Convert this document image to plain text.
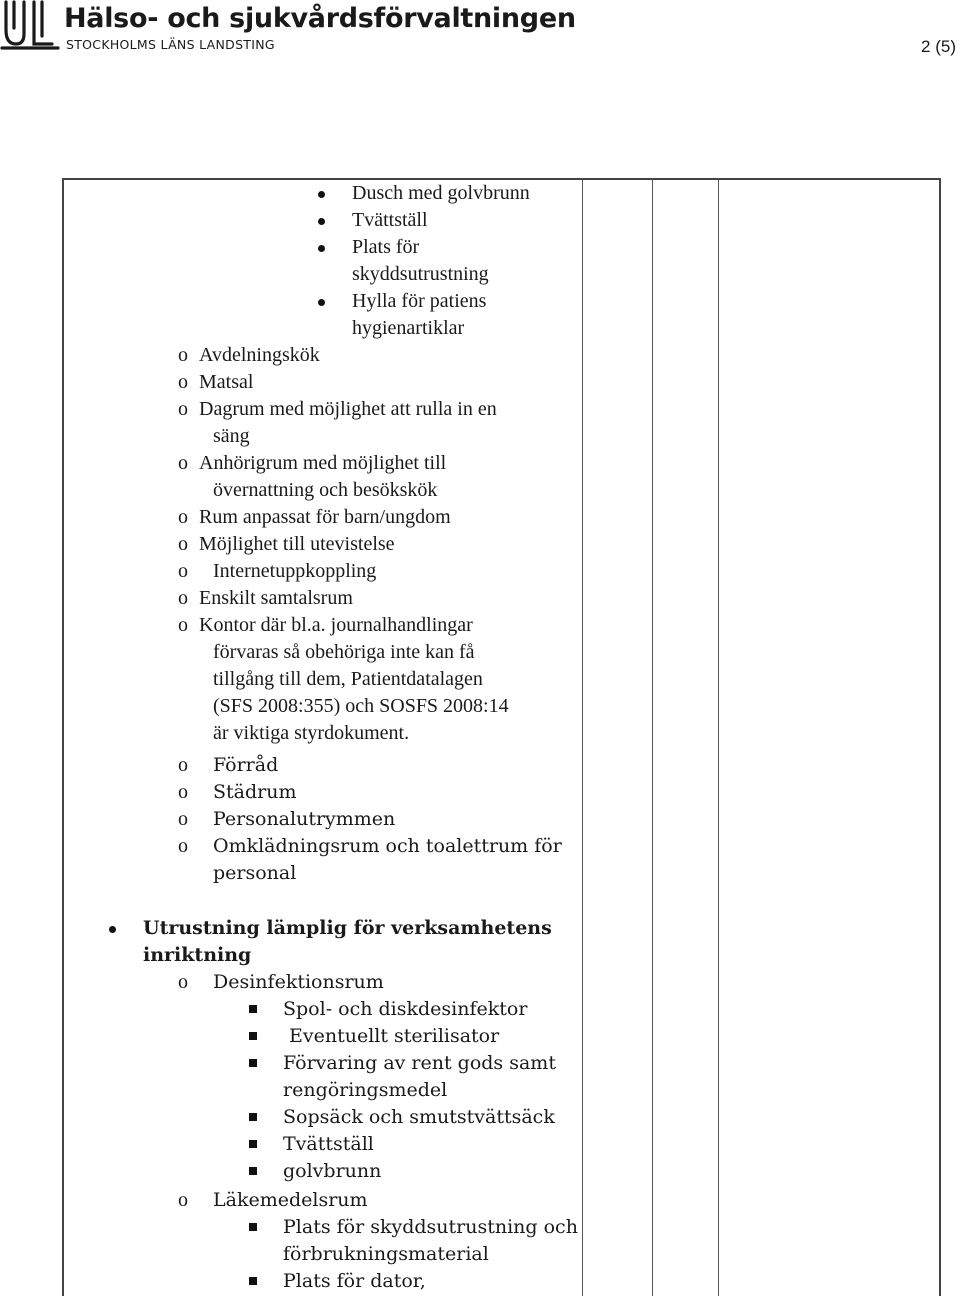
Hälso- och sjukvårdsförvaltningen
STOCKHOLMS LÄNS LANDSTING	2 (5)
Dusch med golvbrunn
Tvättställ
Plats för
skyddsutrustning
Hylla för patiens
hygienartiklar
o Avdelningskök
o Matsal
o Dagrum med möjlighet att rulla in en
säng
o Anhörigrum med möjlighet till
övernattning och besökskök
o Rum anpassat för barn/ungdom
o Möjlighet till utevistelse
o Internetuppkoppling
o Enskilt samtalsrum
o Kontor där bl.a. journalhandlingar
förvaras så obehöriga inte kan få
tillgång till dem, Patientdatalagen
(SFS 2008:355) och SOSFS 2008:14
är viktiga styrdokument.
o Förråd
o Städrum
o Personalutrymmen
o Omklädningsrum och toalettrum för
personal
Utrustning lämplig för verksamhetens
inriktning
o Desinfektionsrum
Spol- och diskdesinfektor
Eventuellt sterilisator
Förvaring av rent gods samt
rengöringsmedel
Sopsäck och smutstvättsäck
Tvättställ
golvbrunn
o Läkemedelsrum
Plats för skyddsutrustning och
förbrukningsmaterial
Plats för dator,
